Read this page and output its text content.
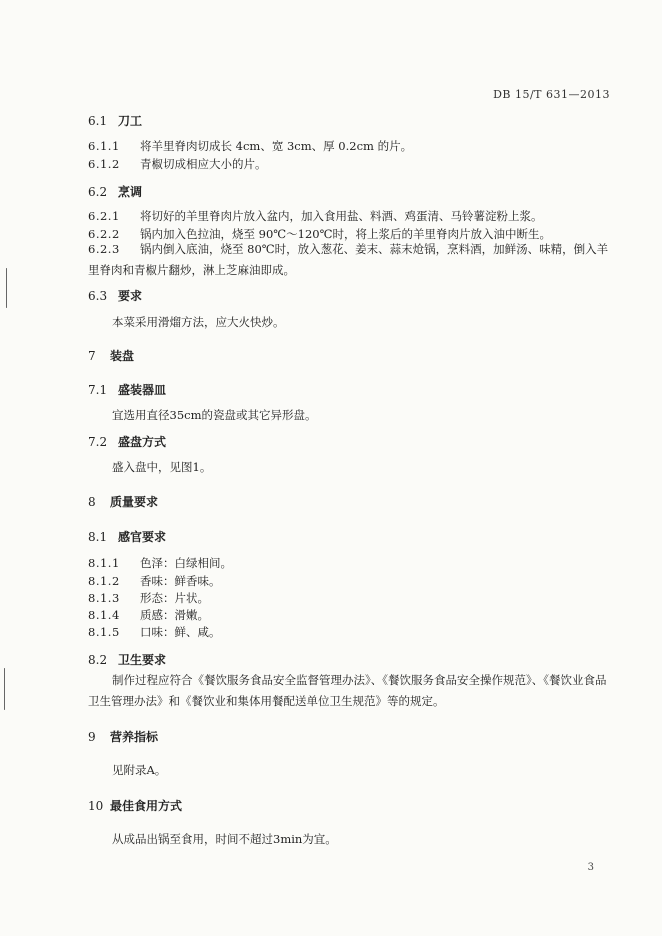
DB 15/T 631—2013
6.1 刀工
6.1.1 将羊里脊肉切成长 4cm、宽 3cm、厚 0.2cm 的片。
6.1.2 青椒切成相应大小的片。
6.2 烹调
6.2.1 将切好的羊里脊肉片放入盆内，加入食用盐、料酒、鸡蛋清、马铃薯淀粉上浆。
6.2.2 锅内加入色拉油，烧至 90℃～120℃时，将上浆后的羊里脊肉片放入油中断生。
6.2.3 锅内倒入底油，烧至 80℃时，放入葱花、姜末、蒜末炝锅，烹料酒，加鲜汤、味精，倒入羊里脊肉和青椒片翻炒，淋上芝麻油即成。
6.3 要求
本菜采用滑熘方法，应大火快炒。
7 装盘
7.1 盛装器皿
宜选用直径35cm的瓷盘或其它异形盘。
7.2 盛盘方式
盛入盘中，见图1。
8 质量要求
8.1 感官要求
8.1.1 色泽：白绿相间。
8.1.2 香味：鲜香味。
8.1.3 形态：片状。
8.1.4 质感：滑嫩。
8.1.5 口味：鲜、咸。
8.2 卫生要求
制作过程应符合《餐饮服务食品安全监督管理办法》、《餐饮服务食品安全操作规范》、《餐饮业食品卫生管理办法》和《餐饮业和集体用餐配送单位卫生规范》等的规定。
9 营养指标
见附录A。
10 最佳食用方式
从成品出锅至食用，时间不超过3min为宜。
3
